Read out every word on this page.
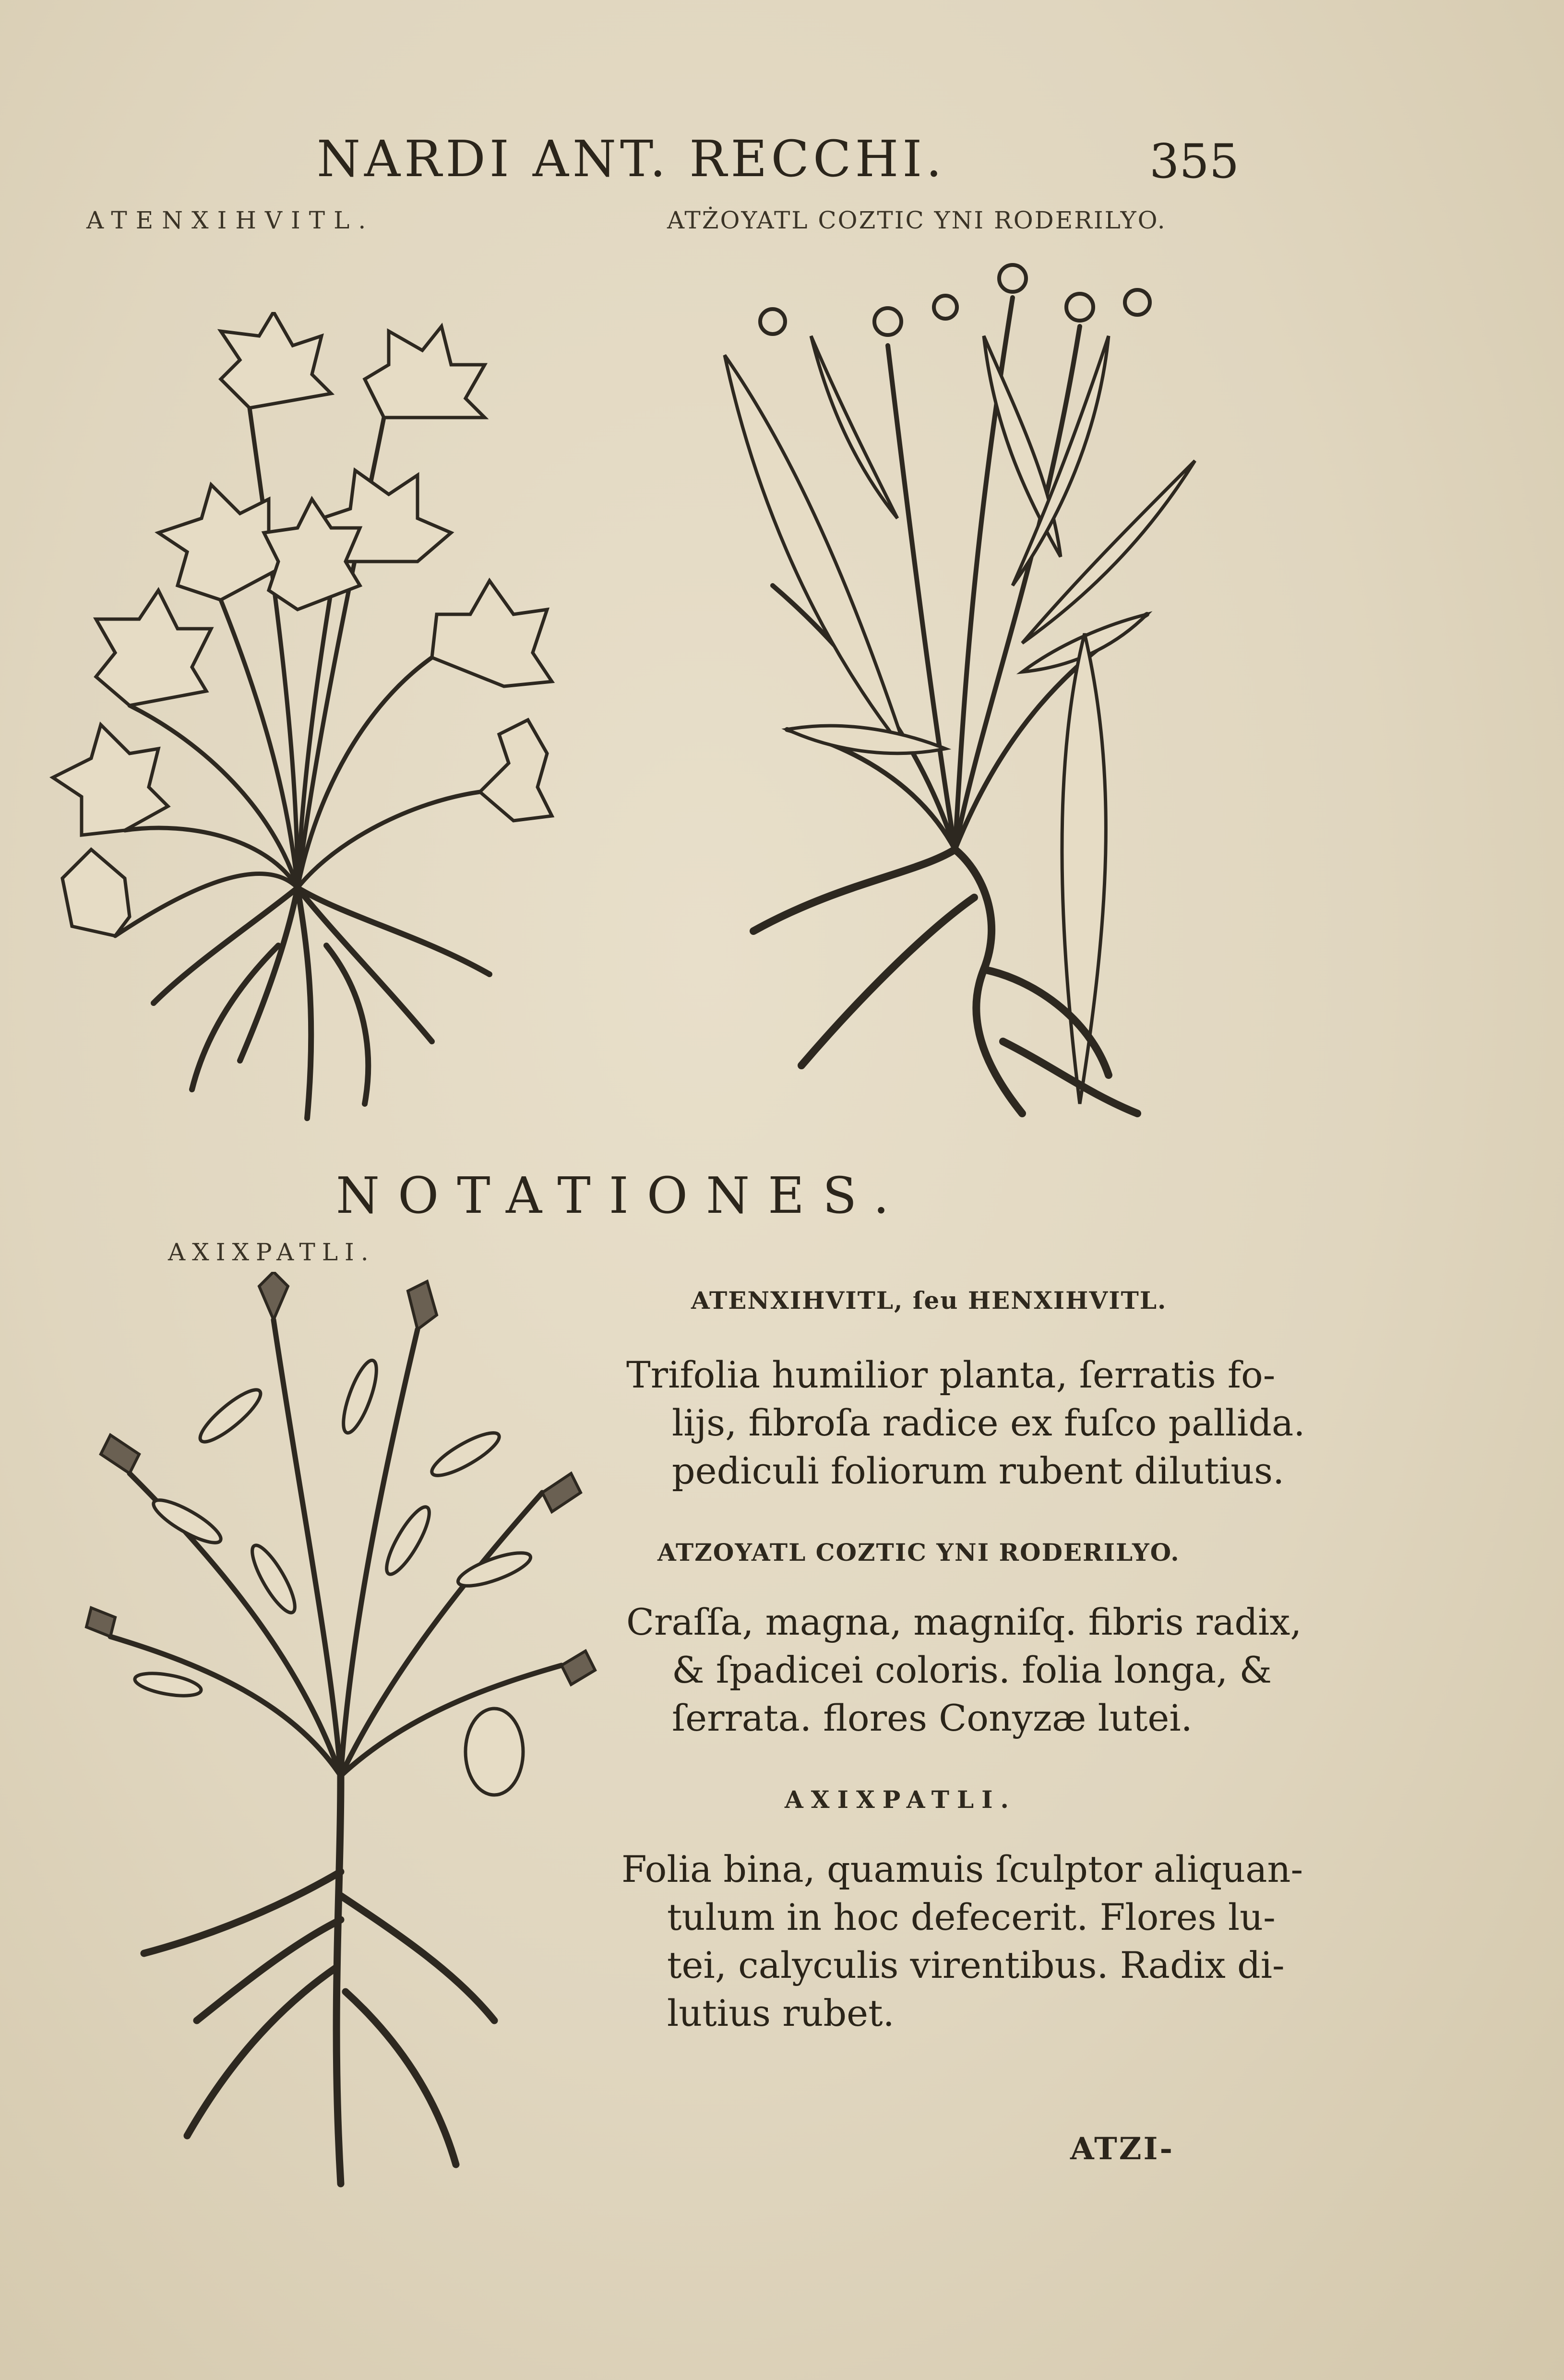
NARDI ANT. RECCHI.	355
ATENXIHVITL.	ATŻOYATL COZTIC YNI RODERILYO.
NOTATIONES.
AXIXPATLI.
ATENXIHVITL, ſeu HENXIHVITL.
Trifolia humilior planta, ſerratis fo-
lijs, fibroſa radice ex fuſco pallida.
pediculi foliorum rubent dilutius.
ATZOYATL COZTIC YNI RODERILYO.
Craſſa, magna, magniſq. fibris radix,
& ſpadicei coloris. folia longa, &
ſerrata. flores Conyzæ lutei.
AXIXPATLI.
Folia bina, quamuis ſculptor aliquan-
tulum in hoc defecerit. Flores lu-
tei, calyculis virentibus. Radix di-
lutius rubet.
ATZI-
